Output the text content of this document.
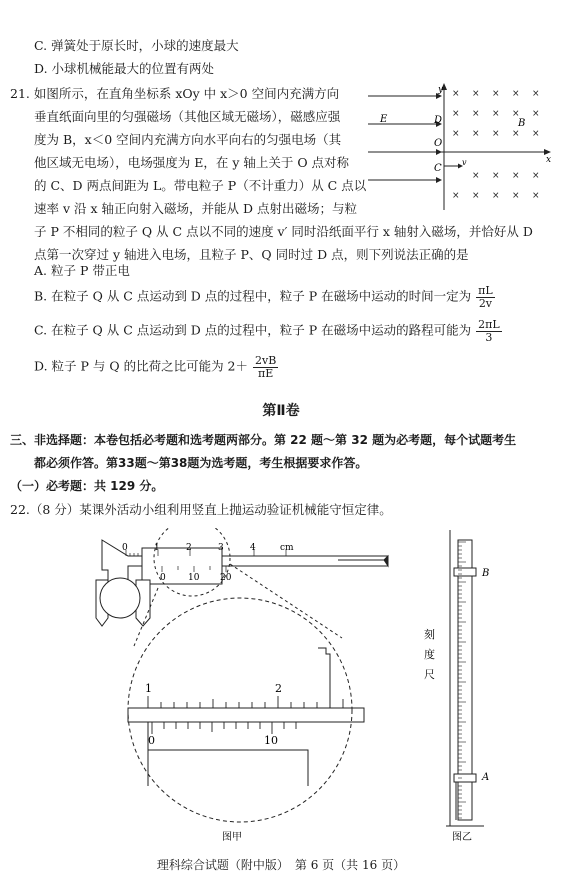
C. 弹簧处于原长时，小球的速度最大
D. 小球机械能最大的位置有两处
21. 如图所示，在直角坐标系 xOy 中 x＞0 空间内充满方向
垂直纸面向里的匀强磁场（其他区域无磁场），磁感应强
度为 B，x＜0 空间内充满方向水平向右的匀强电场（其
他区域无电场），电场强度为 E，在 y 轴上关于 O 点对称
的 C、D 两点间距为 L。带电粒子 P（不计重力）从 C 点以
速率 v 沿 x 轴正向射入磁场，并能从 D 点射出磁场；与粒
子 P 不相同的粒子 Q 从 C 点以不同的速度 v′ 同时沿纸面平行 x 轴射入磁场，并恰好从 D
点第一次穿过 y 轴进入电场，且粒子 P、Q 同时过 D 点，则下列说法正确的是
y
x
O
C
D
E	B
v
× × × × ×
× × × × ×
× × × × ×
× × × ×
× × × × ×
A. 粒子 P 带正电
B. 在粒子 Q 从 C 点运动到 D 点的过程中，粒子 P 在磁场中运动的时间一定为 $\frac{\pi L}{2v}$
C. 在粒子 Q 从 C 点运动到 D 点的过程中，粒子 P 在磁场中运动的路程可能为 $\frac{2\pi L}{3}$
D. 粒子 P 与 Q 的比荷之比可能为 $2+ \frac{2vB}{\pi E}$
第Ⅱ卷
三、非选择题：本卷包括必考题和选考题两部分。第 22 题～第 32 题为必考题，每个试题考生
都必须作答。第33题～第38题为选考题，考生根据要求作答。
（一）必考题：共 129 分。
22.（8 分）某课外活动小组利用竖直上抛运动验证机械能守恒定律。
0	1	2	3	4	cm
0 10 20
1	2
0	10
图甲
B
A
刻
度
尺
图乙
理科综合试题（附中版）　第 6 页（共 16 页）
